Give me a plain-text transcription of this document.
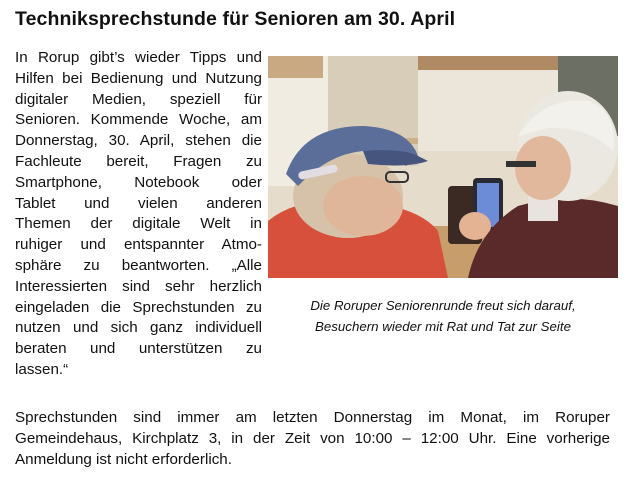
Techniksprechstunde für Senioren am 30. April
In Rorup gibt’s wieder Tipps und
Hilfen bei Bedienung und Nutzung
digitaler Medien, speziell für
Senioren. Kommende Woche, am
Donnerstag, 30. April, stehen die
Fachleute bereit, Fragen zu
Smartphone, Notebook oder
Tablet und vielen anderen
Themen der digitale Welt in
ruhiger und entspannter Atmo-
sphäre zu beantworten. „Alle
Interessierten sind sehr herzlich
eingeladen die Sprechstunden zu
nutzen und sich ganz individuell
beraten und unterstützen zu
lassen.“
Die Roruper Seniorenrunde freut sich darauf,
Besuchern wieder mit Rat und Tat zur Seite
Sprechstunden sind immer am letzten Donnerstag im Monat, im Roruper
Gemeindehaus, Kirchplatz 3, in der Zeit von 10:00 – 12:00 Uhr. Eine vorherige
Anmeldung ist nicht erforderlich.
